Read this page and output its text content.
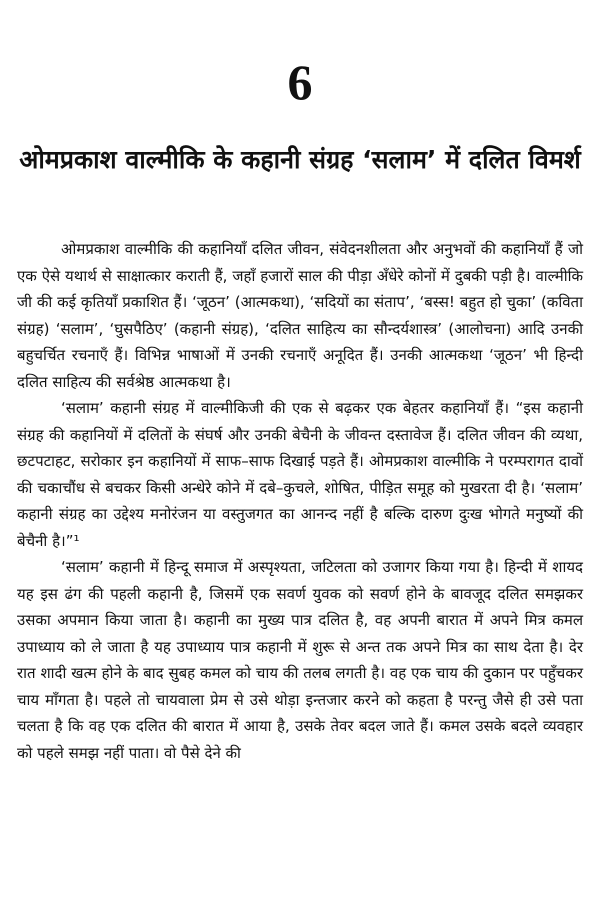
6
ओमप्रकाश वाल्मीकि के कहानी संग्रह ‘सलाम’ में दलित विमर्श

ओमप्रकाश वाल्मीकि की कहानियाँ दलित जीवन, संवेदनशीलता और अनुभवों की कहानियाँ हैं जो एक ऐसे यथार्थ से साक्षात्कार कराती हैं, जहाँ हजारों साल की पीड़ा अँधेरे कोनों में दुबकी पड़ी है। वाल्मीकि जी की कई कृतियाँ प्रकाशित हैं। ‘जूठन’ (आत्मकथा), ‘सदियों का संताप’, ‘बस्स! बहुत हो चुका’ (कविता संग्रह) ‘सलाम’, ‘घुसपैठिए’ (कहानी संग्रह), ‘दलित साहित्य का सौन्दर्यशास्त्र’ (आलोचना) आदि उनकी बहुचर्चित रचनाएँ हैं। विभिन्न भाषाओं में उनकी रचनाएँ अनूदित हैं। उनकी आत्मकथा ‘जूठन’ भी हिन्दी दलित साहित्य की सर्वश्रेष्ठ आत्मकथा है।

‘सलाम’ कहानी संग्रह में वाल्मीकिजी की एक से बढ़कर एक बेहतर कहानियाँ हैं। “इस कहानी संग्रह की कहानियों में दलितों के संघर्ष और उनकी बेचैनी के जीवन्त दस्तावेज हैं। दलित जीवन की व्यथा, छटपटाहट, सरोकार इन कहानियों में साफ–साफ दिखाई पड़ते हैं। ओमप्रकाश वाल्मीकि ने परम्परागत दावों की चकाचौंध से बचकर किसी अन्धेरे कोने में दबे–कुचले, शोषित, पीड़ित समूह को मुखरता दी है। ‘सलाम’ कहानी संग्रह का उद्देश्य मनोरंजन या वस्तुजगत का आनन्द नहीं है बल्कि दारुण दुःख भोगते मनुष्यों की बेचैनी है।”¹

‘सलाम’ कहानी में हिन्दू समाज में अस्पृश्यता, जटिलता को उजागर किया गया है। हिन्दी में शायद यह इस ढंग की पहली कहानी है, जिसमें एक सवर्ण युवक को सवर्ण होने के बावजूद दलित समझकर उसका अपमान किया जाता है। कहानी का मुख्य पात्र दलित है, वह अपनी बारात में अपने मित्र कमल उपाध्याय को ले जाता है यह उपाध्याय पात्र कहानी में शुरू से अन्त तक अपने मित्र का साथ देता है। देर रात शादी खत्म होने के बाद सुबह कमल को चाय की तलब लगती है। वह एक चाय की दुकान पर पहुँचकर चाय माँगता है। पहले तो चायवाला प्रेम से उसे थोड़ा इन्तजार करने को कहता है परन्तु जैसे ही उसे पता चलता है कि वह एक दलित की बारात में आया है, उसके तेवर बदल जाते हैं। कमल उसके बदले व्यवहार को पहले समझ नहीं पाता। वो पैसे देने की
